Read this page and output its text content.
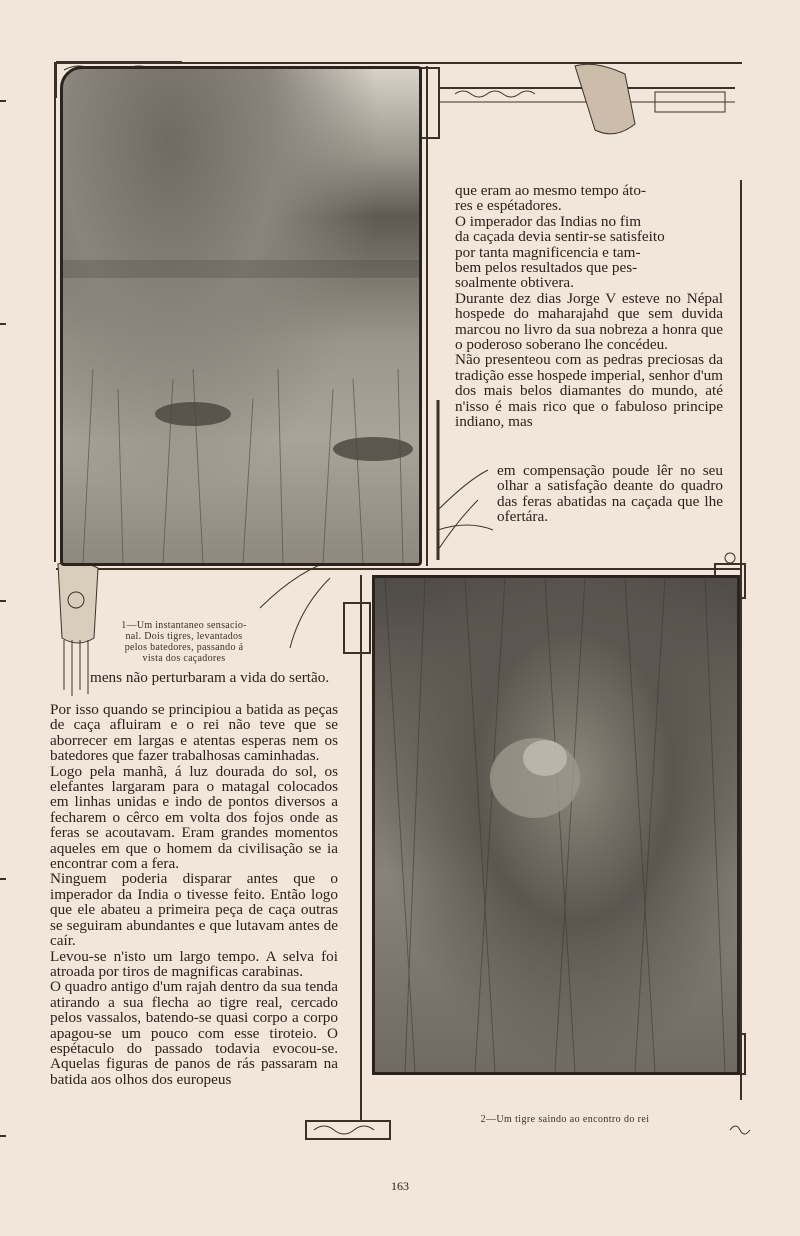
1—Um instantaneo sensacio-
nal. Dois tigres, levantados
pelos batedores, passando á
vista dos caçadores

2—Um tigre saindo ao encontro do rei

que eram ao mesmo tempo áto-
res e espétadores.
O imperador das Indias no fim
da caçada devia sentir-se satisfeito
por tanta magnificencia e tam-
bem pelos resultados que pes-
soalmente obtivera.
Durante dez dias Jorge V esteve no Népal hospede do maharajahd que sem duvida marcou no livro da sua nobreza a honra que o poderoso soberano lhe concédeu.
Não presenteou com as pedras preciosas da tradição esse hospede imperial, senhor d'um dos mais belos diamantes do mundo, até n'isso é mais rico que o fabuloso principe indiano, mas

em compensação poude lêr no seu olhar a satisfação deante do quadro das feras abatidas na caçada que lhe ofertára.

mens não perturbaram a vida do sertão.

Por isso quando se principiou a batida as peças de caça afluiram e o rei não teve que se aborrecer em largas e atentas esperas nem os batedores que fazer trabalhosas caminhadas.
Logo pela manhã, á luz dourada do sol, os elefantes largaram para o matagal colocados em linhas unidas e indo de pontos diversos a fecharem o cêrco em volta dos fojos onde as feras se acoutavam. Eram grandes momentos aqueles em que o homem da civilisação se ia encontrar com a fera.
Ninguem poderia disparar antes que o imperador da India o tivesse feito. Então logo que ele abateu a primeira peça de caça outras se seguiram abundantes e que lutavam antes de caír.
Levou-se n'isto um largo tempo. A selva foi atroada por tiros de magnificas carabinas.
O quadro antigo d'um rajah dentro da sua tenda atirando a sua flecha ao tigre real, cercado pelos vassalos, batendo-se quasi corpo a corpo apagou-se um pouco com esse tiroteio. O espétaculo do passado todavia evocou-se. Aquelas figuras de panos de rás passaram na batida aos olhos dos europeus

163
